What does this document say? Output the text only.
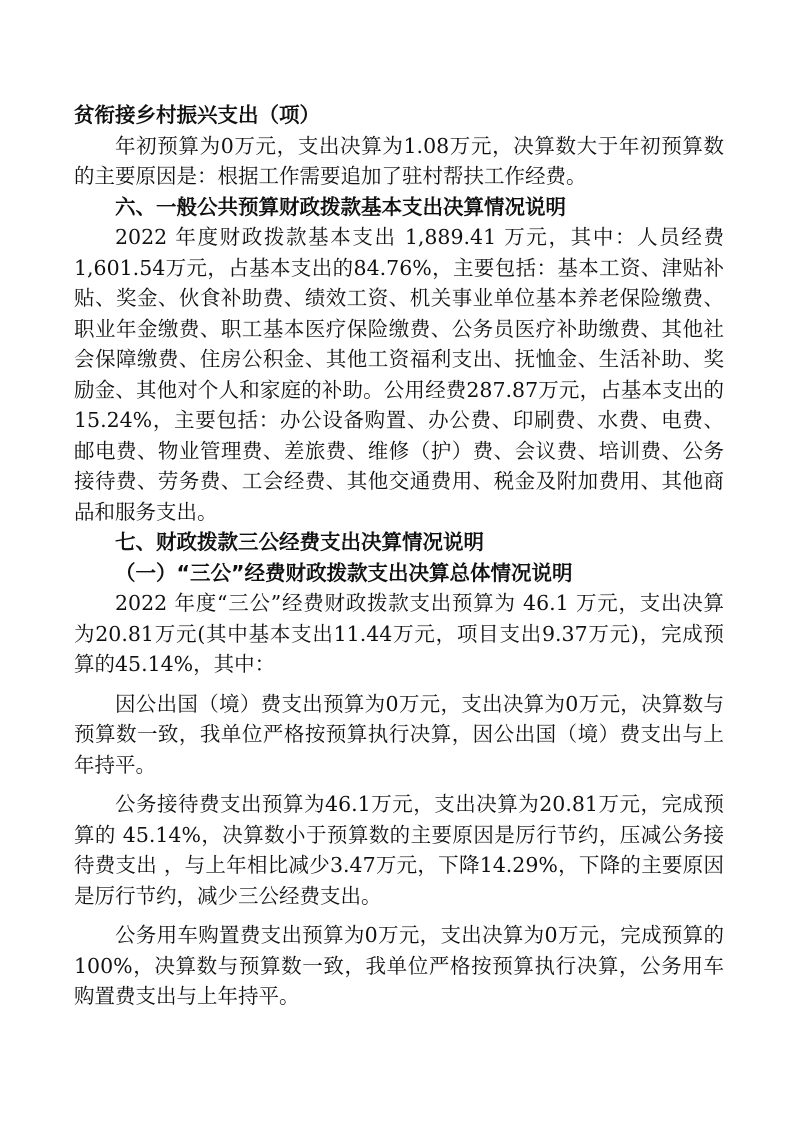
贫衔接乡村振兴支出（项）

年初预算为0万元，支出决算为1.08万元，决算数大于年初预算数的主要原因是：根据工作需要追加了驻村帮扶工作经费。

六、一般公共预算财政拨款基本支出决算情况说明

2022 年度财政拨款基本支出 1,889.41 万元，其中：人员经费1,601.54万元，占基本支出的84.76%，主要包括：基本工资、津贴补贴、奖金、伙食补助费、绩效工资、机关事业单位基本养老保险缴费、职业年金缴费、职工基本医疗保险缴费、公务员医疗补助缴费、其他社会保障缴费、住房公积金、其他工资福利支出、抚恤金、生活补助、奖励金、其他对个人和家庭的补助。公用经费287.87万元，占基本支出的 15.24%，主要包括：办公设备购置、办公费、印刷费、水费、电费、邮电费、物业管理费、差旅费、维修（护）费、会议费、培训费、公务接待费、劳务费、工会经费、其他交通费用、税金及附加费用、其他商品和服务支出。

七、财政拨款三公经费支出决算情况说明

（一）“三公”经费财政拨款支出决算总体情况说明

2022 年度“三公”经费财政拨款支出预算为 46.1 万元，支出决算为20.81万元(其中基本支出11.44万元，项目支出9.37万元)，完成预算的45.14%，其中：

因公出国（境）费支出预算为0万元，支出决算为0万元，决算数与预算数一致，我单位严格按预算执行决算，因公出国（境）费支出与上年持平。

公务接待费支出预算为46.1万元，支出决算为20.81万元，完成预算的 45.14%，决算数小于预算数的主要原因是厉行节约，压减公务接待费支出 ，与上年相比减少3.47万元，下降14.29%，下降的主要原因是厉行节约，减少三公经费支出。

公务用车购置费支出预算为0万元，支出决算为0万元，完成预算的 100%，决算数与预算数一致，我单位严格按预算执行决算，公务用车购置费支出与上年持平。
